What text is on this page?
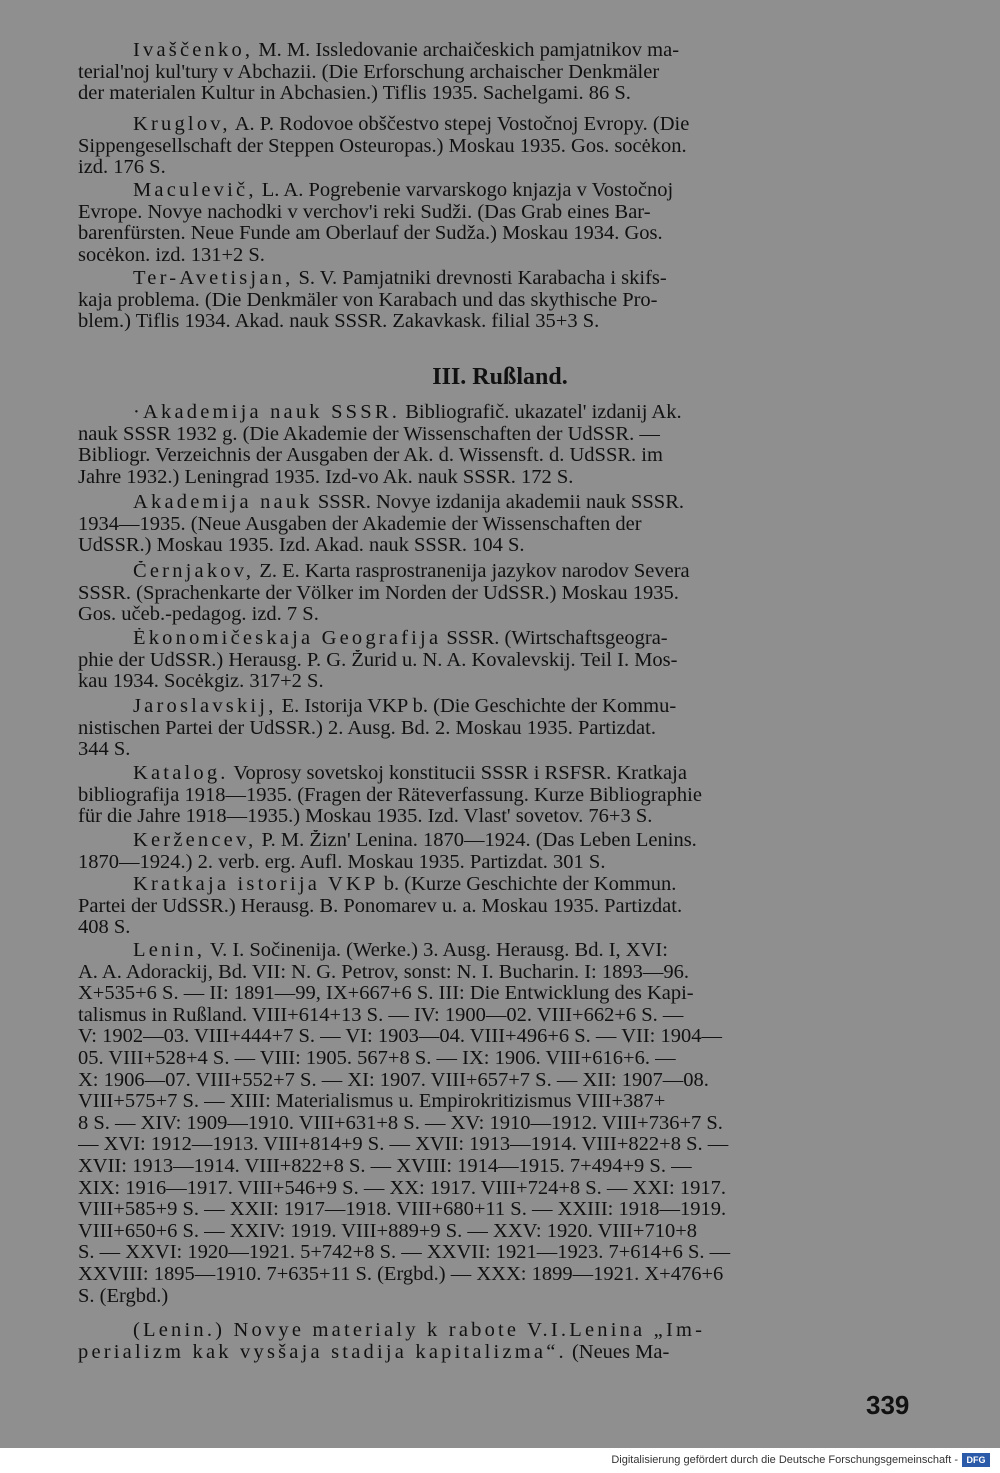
III. Rußland.
339
Digitalisierung gefördert durch die Deutsche Forschungsgemeinschaft - DFG
Ivaščenko, M. M. Issledovanie archaičeskich pamjatnikov ma-
terial'noj kul'tury v Abchazii. (Die Erforschung archaischer Denkmäler
der materialen Kultur in Abchasien.) Tiflis 1935. Sachelgami. 86 S.
Kruglov, A. P. Rodovoe obščestvo stepej Vostočnoj Evropy. (Die
Sippengesellschaft der Steppen Osteuropas.) Moskau 1935. Gos. socėkon.
izd. 176 S.
Maculevič, L. A. Pogrebenie varvarskogo knjazja v Vostočnoj
Evrope. Novye nachodki v verchov'i reki Sudži. (Das Grab eines Bar-
barenfürsten. Neue Funde am Oberlauf der Sudža.) Moskau 1934. Gos.
socėkon. izd. 131+2 S.
Ter-Avetisjan, S. V. Pamjatniki drevnosti Karabacha i skifs-
kaja problema. (Die Denkmäler von Karabach und das skythische Pro-
blem.) Tiflis 1934. Akad. nauk SSSR. Zakavkask. filial 35+3 S.
·Akademija nauk SSSR. Bibliografič. ukazatel' izdanij Ak.
nauk SSSR 1932 g. (Die Akademie der Wissenschaften der UdSSR. —
Bibliogr. Verzeichnis der Ausgaben der Ak. d. Wissensft. d. UdSSR. im
Jahre 1932.) Leningrad 1935. Izd-vo Ak. nauk SSSR. 172 S.
Akademija nauk SSSR. Novye izdanija akademii nauk SSSR.
1934—1935. (Neue Ausgaben der Akademie der Wissenschaften der
UdSSR.) Moskau 1935. Izd. Akad. nauk SSSR. 104 S.
Černjakov, Z. E. Karta rasprostranenija jazykov narodov Severa
SSSR. (Sprachenkarte der Völker im Norden der UdSSR.) Moskau 1935.
Gos. učeb.-pedagog. izd. 7 S.
Ėkonomičeskaja Geografija SSSR. (Wirtschaftsgeogra-
phie der UdSSR.) Herausg. P. G. Žurid u. N. A. Kovalevskij. Teil I. Mos-
kau 1934. Socėkgiz. 317+2 S.
Jaroslavskij, E. Istorija VKP b. (Die Geschichte der Kommu-
nistischen Partei der UdSSR.) 2. Ausg. Bd. 2. Moskau 1935. Partizdat.
344 S.
Katalog. Voprosy sovetskoj konstitucii SSSR i RSFSR. Kratkaja
bibliografija 1918—1935. (Fragen der Räteverfassung. Kurze Bibliographie
für die Jahre 1918—1935.) Moskau 1935. Izd. Vlast' sovetov. 76+3 S.
Keržencev, P. M. Žizn' Lenina. 1870—1924. (Das Leben Lenins.
1870—1924.) 2. verb. erg. Aufl. Moskau 1935. Partizdat. 301 S.
Kratkaja istorija VKP b. (Kurze Geschichte der Kommun.
Partei der UdSSR.) Herausg. B. Ponomarev u. a. Moskau 1935. Partizdat.
408 S.
Lenin, V. I. Sočinenija. (Werke.) 3. Ausg. Herausg. Bd. I, XVI:
A. A. Adorackij, Bd. VII: N. G. Petrov, sonst: N. I. Bucharin. I: 1893—96.
X+535+6 S. — II: 1891—99, IX+667+6 S. III: Die Entwicklung des Kapi-
talismus in Rußland. VIII+614+13 S. — IV: 1900—02. VIII+662+6 S. —
V: 1902—03. VIII+444+7 S. — VI: 1903—04. VIII+496+6 S. — VII: 1904—
05. VIII+528+4 S. — VIII: 1905. 567+8 S. — IX: 1906. VIII+616+6. —
X: 1906—07. VIII+552+7 S. — XI: 1907. VIII+657+7 S. — XII: 1907—08.
VIII+575+7 S. — XIII: Materialismus u. Empirokritizismus VIII+387+
8 S. — XIV: 1909—1910. VIII+631+8 S. — XV: 1910—1912. VIII+736+7 S.
— XVI: 1912—1913. VIII+814+9 S. — XVII: 1913—1914. VIII+822+8 S. —
XVII: 1913—1914. VIII+822+8 S. — XVIII: 1914—1915. 7+494+9 S. —
XIX: 1916—1917. VIII+546+9 S. — XX: 1917. VIII+724+8 S. — XXI: 1917.
VIII+585+9 S. — XXII: 1917—1918. VIII+680+11 S. — XXIII: 1918—1919.
VIII+650+6 S. — XXIV: 1919. VIII+889+9 S. — XXV: 1920. VIII+710+8
S. — XXVI: 1920—1921. 5+742+8 S. — XXVII: 1921—1923. 7+614+6 S. —
XXVIII: 1895—1910. 7+635+11 S. (Ergbd.) — XXX: 1899—1921. X+476+6
S. (Ergbd.)
(Lenin.) Novye materialy k rabote V.I.Lenina „Im-
perializm kak vysšaja stadija kapitalizma“. (Neues Ma-
